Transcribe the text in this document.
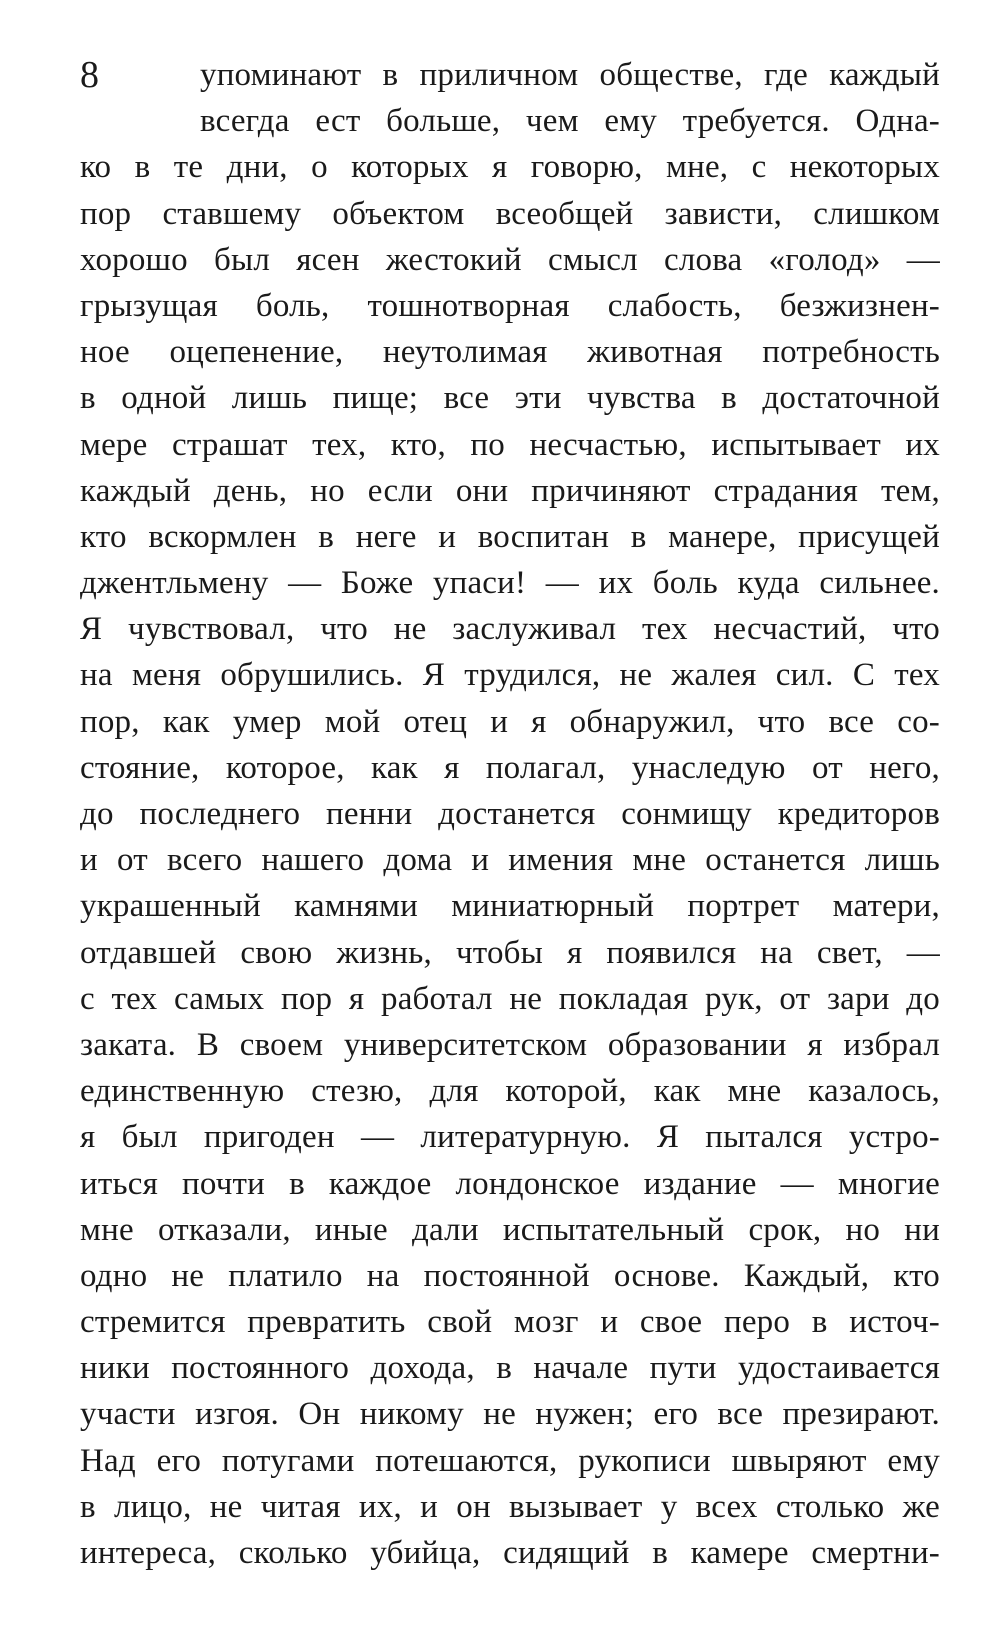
8	упоминают в приличном обществе, где каждый
всегда ест больше, чем ему требуется. Одна-
ко в те дни, о которых я говорю, мне, с некоторых
пор ставшему объектом всеобщей зависти, слишком
хорошо был ясен жестокий смысл слова «голод» —
грызущая боль, тошнотворная слабость, безжизнен-
ное оцепенение, неутолимая животная потребность
в одной лишь пище; все эти чувства в достаточной
мере страшат тех, кто, по несчастью, испытывает их
каждый день, но если они причиняют страдания тем,
кто вскормлен в неге и воспитан в манере, присущей
джентльмену — Боже упаси! — их боль куда сильнее.
Я чувствовал, что не заслуживал тех несчастий, что
на меня обрушились. Я трудился, не жалея сил. С тех
пор, как умер мой отец и я обнаружил, что все со-
стояние, которое, как я полагал, унаследую от него,
до последнего пенни достанется сонмищу кредиторов
и от всего нашего дома и имения мне останется лишь
украшенный камнями миниатюрный портрет матери,
отдавшей свою жизнь, чтобы я появился на свет, —
с тех самых пор я работал не покладая рук, от зари до
заката. В своем университетском образовании я избрал
единственную стезю, для которой, как мне казалось,
я был пригоден — литературную. Я пытался устро-
иться почти в каждое лондонское издание — многие
мне отказали, иные дали испытательный срок, но ни
одно не платило на постоянной основе. Каждый, кто
стремится превратить свой мозг и свое перо в источ-
ники постоянного дохода, в начале пути удостаивается
участи изгоя. Он никому не нужен; его все презирают.
Над его потугами потешаются, рукописи швыряют ему
в лицо, не читая их, и он вызывает у всех столько же
интереса, сколько убийца, сидящий в камере смертни-
